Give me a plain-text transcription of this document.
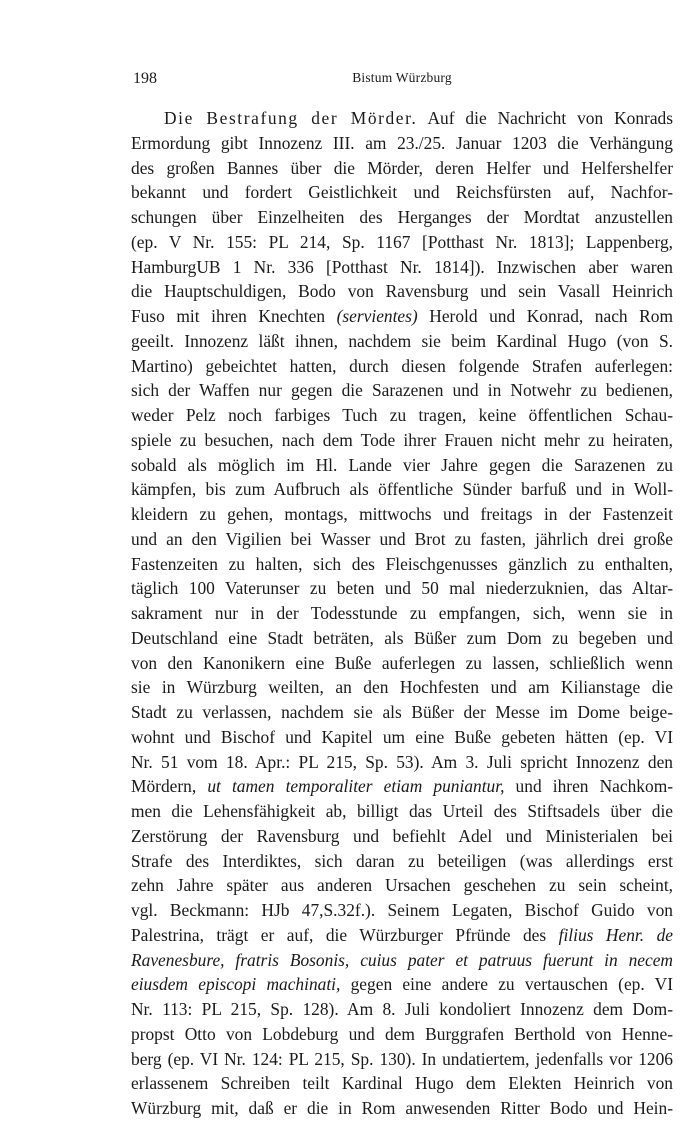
198	Bistum Würzburg
Die Bestrafung der Mörder. Auf die Nachricht von Konrads
Ermordung gibt Innozenz III. am 23./25. Januar 1203 die Verhängung
des großen Bannes über die Mörder, deren Helfer und Helfershelfer
bekannt und fordert Geistlichkeit und Reichsfürsten auf, Nachfor-
schungen über Einzelheiten des Herganges der Mordtat anzustellen
(ep. V Nr. 155: PL 214, Sp. 1167 [Potthast Nr. 1813]; Lappenberg,
HamburgUB 1 Nr. 336 [Potthast Nr. 1814]). Inzwischen aber waren
die Hauptschuldigen, Bodo von Ravensburg und sein Vasall Heinrich
Fuso mit ihren Knechten (servientes) Herold und Konrad, nach Rom
geeilt. Innozenz läßt ihnen, nachdem sie beim Kardinal Hugo (von S.
Martino) gebeichtet hatten, durch diesen folgende Strafen auferlegen:
sich der Waffen nur gegen die Sarazenen und in Notwehr zu bedienen,
weder Pelz noch farbiges Tuch zu tragen, keine öffentlichen Schau-
spiele zu besuchen, nach dem Tode ihrer Frauen nicht mehr zu heiraten,
sobald als möglich im Hl. Lande vier Jahre gegen die Sarazenen zu
kämpfen, bis zum Aufbruch als öffentliche Sünder barfuß und in Woll-
kleidern zu gehen, montags, mittwochs und freitags in der Fastenzeit
und an den Vigilien bei Wasser und Brot zu fasten, jährlich drei große
Fastenzeiten zu halten, sich des Fleischgenusses gänzlich zu enthalten,
täglich 100 Vaterunser zu beten und 50 mal niederzuknien, das Altar-
sakrament nur in der Todesstunde zu empfangen, sich, wenn sie in
Deutschland eine Stadt beträten, als Büßer zum Dom zu begeben und
von den Kanonikern eine Buße auferlegen zu lassen, schließlich wenn
sie in Würzburg weilten, an den Hochfesten und am Kilianstage die
Stadt zu verlassen, nachdem sie als Büßer der Messe im Dome beige-
wohnt und Bischof und Kapitel um eine Buße gebeten hätten (ep. VI
Nr. 51 vom 18. Apr.: PL 215, Sp. 53). Am 3. Juli spricht Innozenz den
Mördern, ut tamen temporaliter etiam puniantur, und ihren Nachkom-
men die Lehensfähigkeit ab, billigt das Urteil des Stiftsadels über die
Zerstörung der Ravensburg und befiehlt Adel und Ministerialen bei
Strafe des Interdiktes, sich daran zu beteiligen (was allerdings erst
zehn Jahre später aus anderen Ursachen geschehen zu sein scheint,
vgl. Beckmann: HJb 47,S.32f.). Seinem Legaten, Bischof Guido von
Palestrina, trägt er auf, die Würzburger Pfründe des filius Henr. de
Ravenesbure, fratris Bosonis, cuius pater et patruus fuerunt in necem
eiusdem episcopi machinati, gegen eine andere zu vertauschen (ep. VI
Nr. 113: PL 215, Sp. 128). Am 8. Juli kondoliert Innozenz dem Dom-
propst Otto von Lobdeburg und dem Burggrafen Berthold von Henne-
berg (ep. VI Nr. 124: PL 215, Sp. 130). In undatiertem, jedenfalls vor 1206
erlassenem Schreiben teilt Kardinal Hugo dem Elekten Heinrich von
Würzburg mit, daß er die in Rom anwesenden Ritter Bodo und Hein-
